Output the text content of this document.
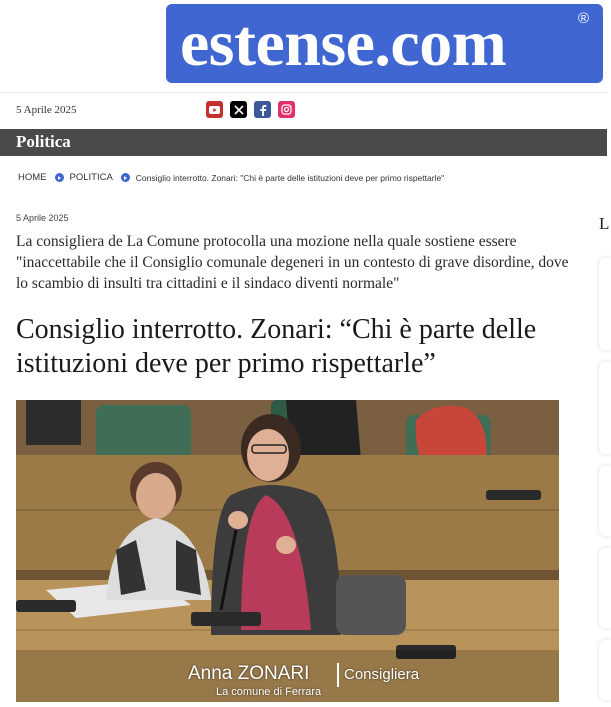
estense.com	®
5 Aprile 2025
Politica
HOME POLITICA	Consiglio interrotto. Zonari: "Chi è parte delle istituzioni deve per primo rispettarle"
5 Aprile 2025
La consigliera de La Comune protocolla una mozione nella quale sostiene essere "inaccettabile che il Consiglio comunale degeneri in un contesto di grave disordine, dove lo scambio di insulti tra cittadini e il sindaco diventi normale"
Consiglio interrotto. Zonari: “Chi è parte delle istituzioni deve per primo rispettarle”
Anna ZONARI Consigliera
La comune di Ferrara
L
